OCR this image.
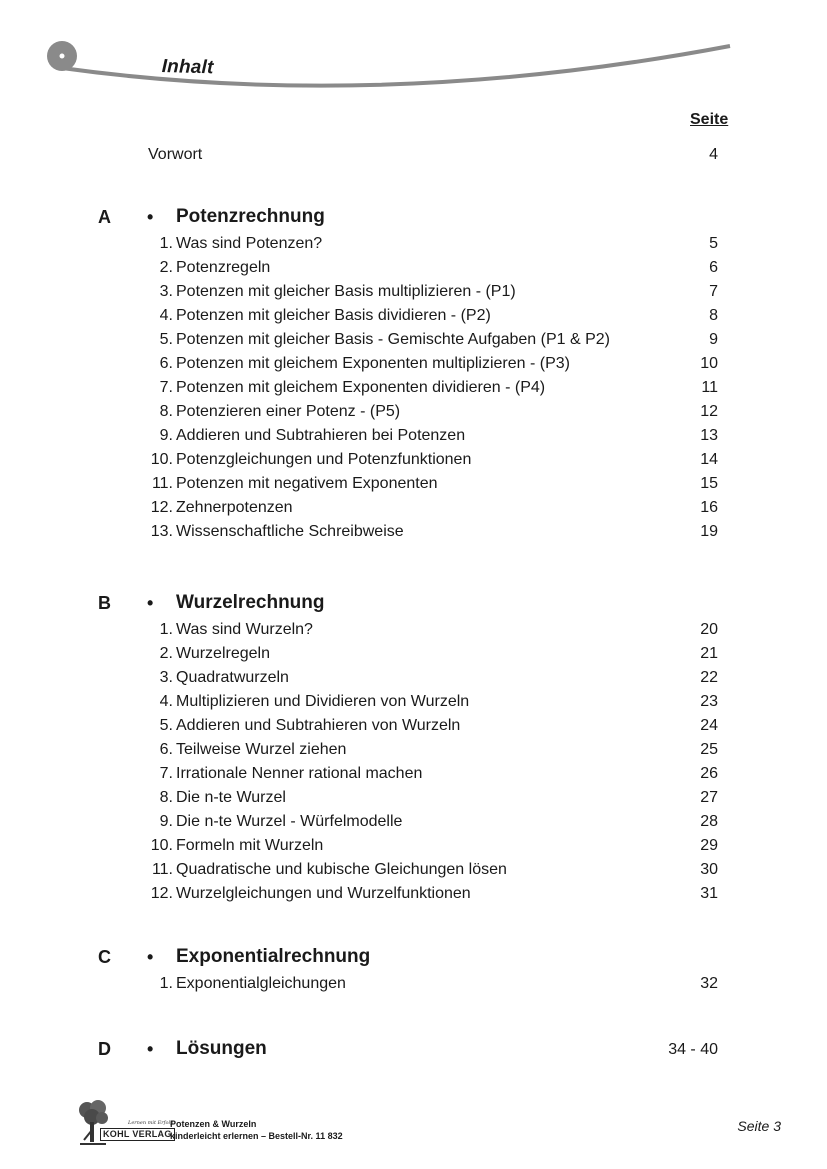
Inhalt
Seite
Vorwort	4
A • Potenzrechnung
1. Was sind Potenzen?	5
2. Potenzregeln	6
3. Potenzen mit gleicher Basis multiplizieren - (P1)	7
4. Potenzen mit gleicher Basis dividieren - (P2)	8
5. Potenzen mit gleicher Basis - Gemischte Aufgaben (P1 & P2)	9
6. Potenzen mit gleichem Exponenten multiplizieren - (P3)	10
7. Potenzen mit gleichem Exponenten dividieren - (P4)	11
8. Potenzieren einer Potenz - (P5)	12
9. Addieren und Subtrahieren bei Potenzen	13
10. Potenzgleichungen und Potenzfunktionen	14
11. Potenzen mit negativem Exponenten	15
12. Zehnerpotenzen	16
13. Wissenschaftliche Schreibweise	19
B • Wurzelrechnung
1. Was sind Wurzeln?	20
2. Wurzelregeln	21
3. Quadratwurzeln	22
4. Multiplizieren und Dividieren von Wurzeln	23
5. Addieren und Subtrahieren von Wurzeln	24
6. Teilweise Wurzel ziehen	25
7. Irrationale Nenner rational machen	26
8. Die n-te Wurzel	27
9. Die n-te Wurzel - Würfelmodelle	28
10. Formeln mit Wurzeln	29
11. Quadratische und kubische Gleichungen lösen	30
12. Wurzelgleichungen und Wurzelfunktionen	31
C • Exponentialrechnung
1. Exponentialgleichungen	32
D • Lösungen	34 - 40
Lernen mit Erfolg
KOHL VERLAG
Potenzen & Wurzeln
kinderleicht erlernen – Bestell-Nr. 11 832
Seite 3
